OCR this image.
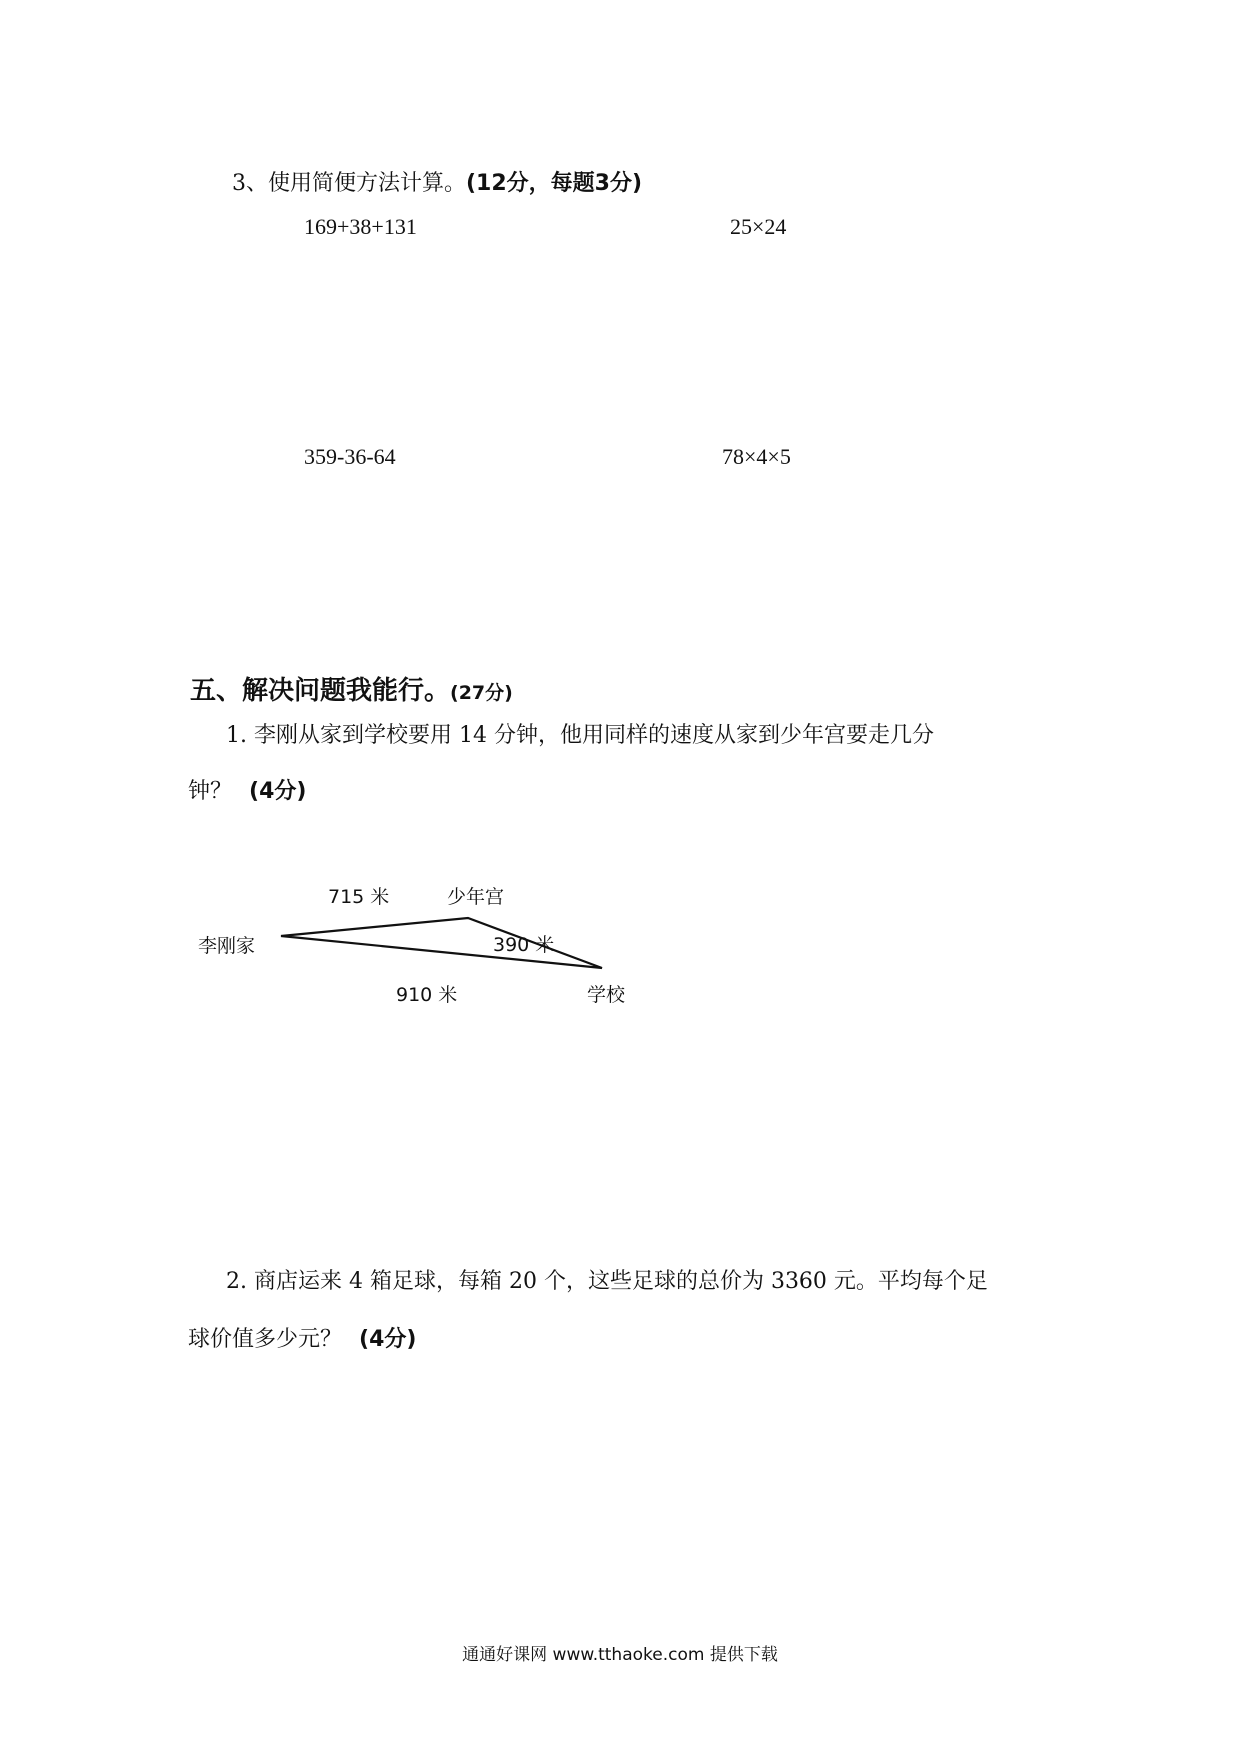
3、使用简便方法计算。(12分，每题3分)
169+38+131	25×24
359-36-64	78×4×5
五、解决问题我能行。(27分)
1. 李刚从家到学校要用 14 分钟，他用同样的速度从家到少年宫要走几分
钟？ (4分)
715 米	少年宫
李刚家	390 米
910 米	学校
2. 商店运来 4 箱足球，每箱 20 个，这些足球的总价为 3360 元。平均每个足
球价值多少元？ (4分)
通通好课网 www.tthaoke.com 提供下载
